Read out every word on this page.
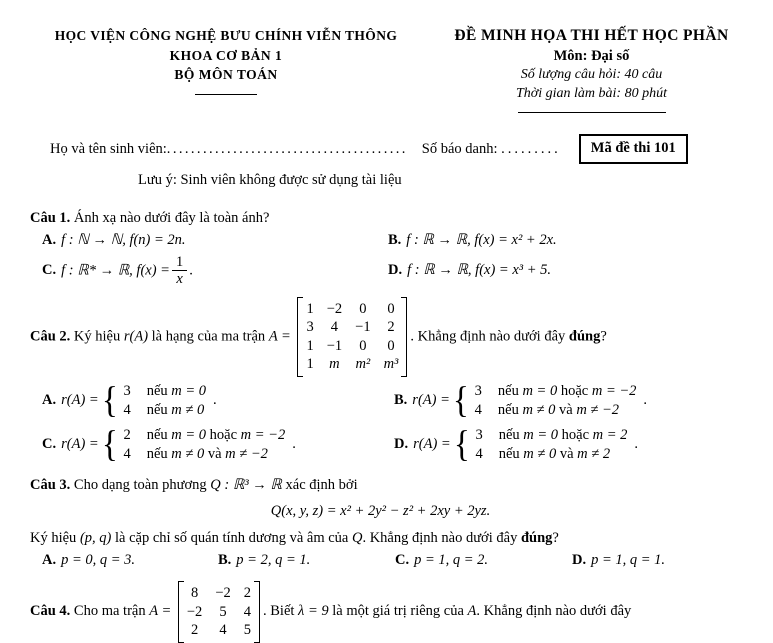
HỌC VIỆN CÔNG NGHỆ BƯU CHÍNH VIỄN THÔNG
KHOA CƠ BẢN 1
BỘ MÔN TOÁN
ĐỀ MINH HỌA THI HẾT HỌC PHẦN
Môn: Đại số
Số lượng câu hỏi: 40 câu
Thời gian làm bài: 80 phút
Họ và tên sinh viên: ........................................ Số báo danh:
.........	Mã đề thi 101
Lưu ý: Sinh viên không được sử dụng tài liệu
Câu 1. Ánh xạ nào dưới đây là toàn ánh?
A. f : ℕ → ℕ, f(n) = 2n.	B. f : ℝ → ℝ, f(x) = x² + 2x.
C. f : ℝ* → ℝ, $f(x) = \frac{1}{x}$ .	D. f : ℝ → ℝ, f(x) = x³ + 5.
Câu 2. Ký hiệu r(A) là hạng của ma trận A =
1 −2 0 0
3 4 −1 2
1 −1 0 0
1 m m² m³
. Khẳng định nào dưới đây đúng?
A. r(A) = { 3 nếu m = 0
4 nếu m ≠ 0
.	B. r(A) = { 3 nếu m = 0 hoặc m = −2
4 nếu m ≠ 0 và m ≠ −2
.
C. r(A) = { 2 nếu m = 0 hoặc m = −2
4 nếu m ≠ 0 và m ≠ −2
.	D. r(A) = { 3 nếu m = 0 hoặc m = 2
4 nếu m ≠ 0 và m ≠ 2
.
Câu 3. Cho dạng toàn phương Q : ℝ³ → ℝ xác định bởi
Q(x, y, z) = x² + 2y² − z² + 2xy + 2yz.
Ký hiệu (p, q) là cặp chỉ số quán tính dương và âm của Q. Khẳng định nào dưới đây đúng?
A. p = 0, q = 3.	B. p = 2, q = 1.	C. p = 1, q = 2.	D. p = 1, q = 1.
Câu 4. Cho ma trận A =
8 −2 2
−2 5 4
2 4 5
. Biết λ = 9 là một giá trị riêng của A. Khẳng định nào dưới đây
